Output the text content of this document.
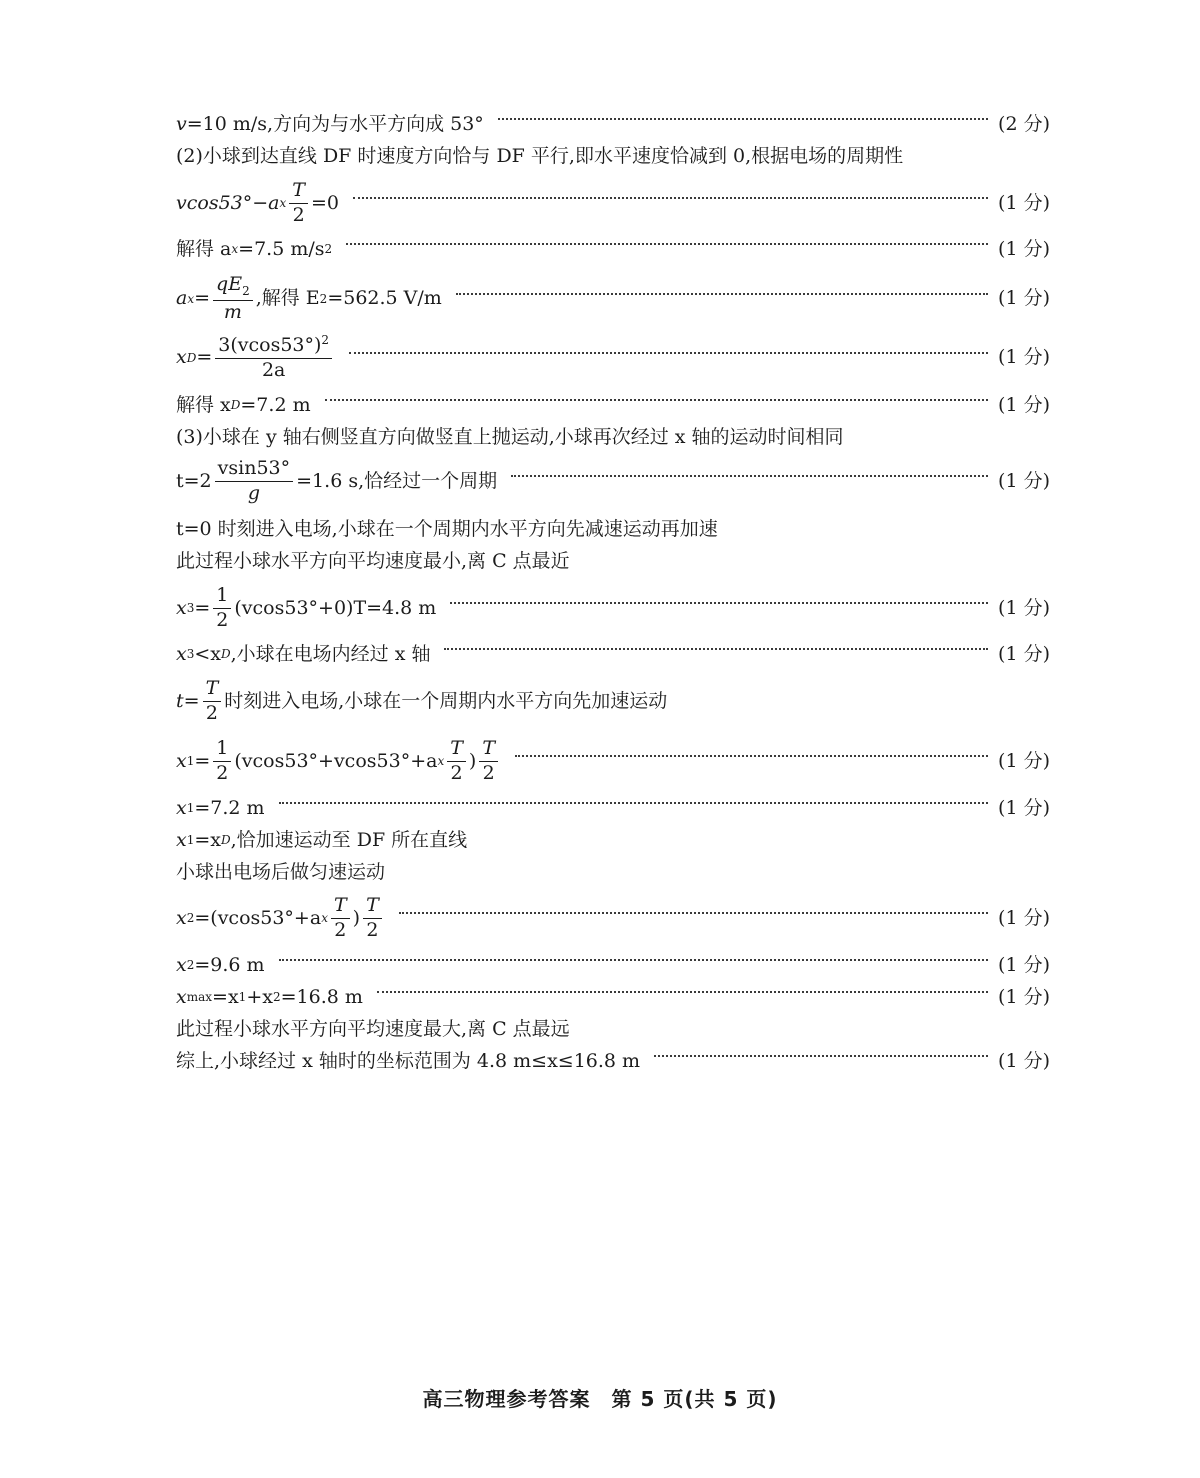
v =10 m/s,方向为与水平方向成 53°	(2 分)
(2)小球到达直线 DF 时速度方向恰与 DF 平行,即水平速度恰减到 0,根据电场的周期性
vcos53°−a x $\frac{T}{2} =0$	(1 分)
解得 a x =7.5 m/s 2	(1 分)
a $x = \frac{qE_2}{m}$ ,解得 E 2 =562.5 V/m	(1 分)
x $D = \frac{3(vcos53^\circ)^2}{2a}$	(1 分)
解得 x D =7.2 m	(1 分)
(3)小球在 y 轴右侧竖直方向做竖直上抛运动,小球再次经过 x 轴的运动时间相同
$t=2 \frac{vsin53^\circ}{g} =1.6$ s,恰经过一个周期	(1 分)
t=0 时刻进入电场,小球在一个周期内水平方向先减速运动再加速
此过程小球水平方向平均速度最小,离 C 点最近
x $3 = \frac{1}{2} (vcos53^\circ+0)T=4.8$ m	(1 分)
x 3 <x D ,小球在电场内经过 x 轴	(1 分)
$t= \frac{T}{2}$ 时刻进入电场,小球在一个周期内水平方向先加速运动
x $1 = \frac{1}{2} (vcos53^\circ+vcos53^\circ+a$ x $\frac{T}{2}$ ) $\frac{T}{2}$	(1 分)
x 1 =7.2 m	(1 分)
x 1 =x D ,恰加速运动至 DF 所在直线
小球出电场后做匀速运动
x 2 =(vcos53°+a x $\frac{T}{2}$ ) $\frac{T}{2}$	(1 分)
x 2 =9.6 m	(1 分)
x max =x 1 +x 2 =16.8 m	(1 分)
此过程小球水平方向平均速度最大,离 C 点最远
综上,小球经过 x 轴时的坐标范围为 4.8 m≤x≤16.8 m	(1 分)
高三物理参考答案　第 5 页(共 5 页)
